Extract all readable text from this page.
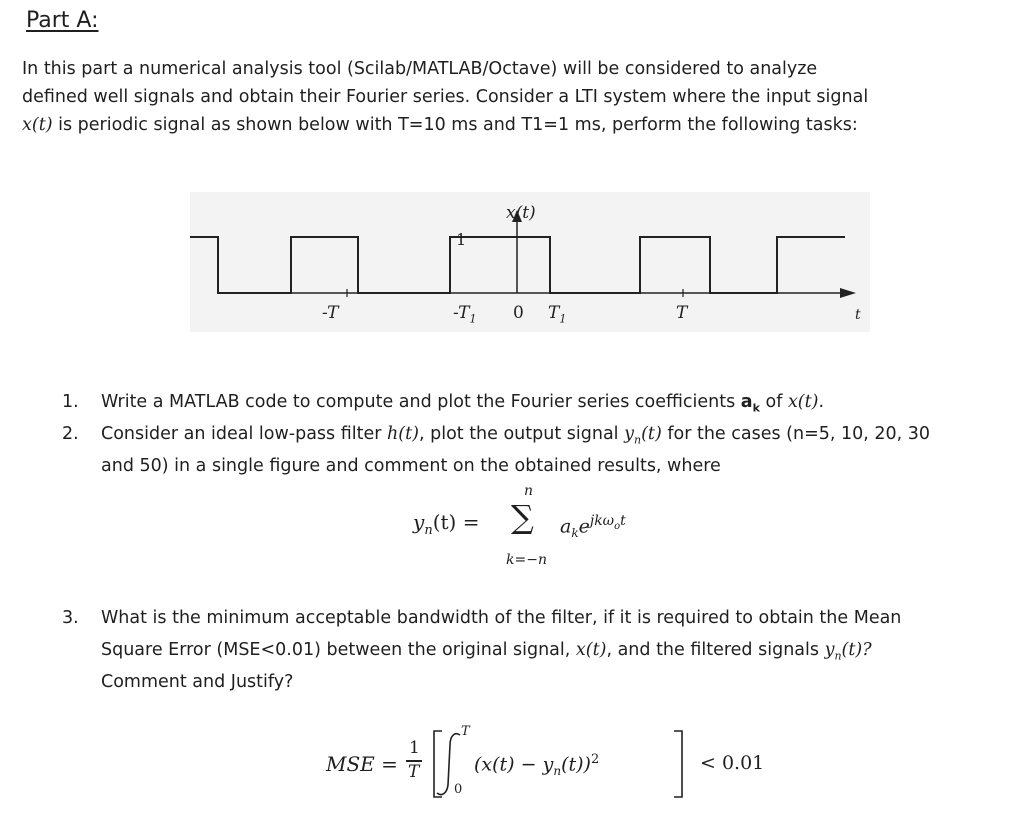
Part A:
In this part a numerical analysis tool (Scilab/MATLAB/Octave) will be considered to analyze
defined well signals and obtain their Fourier series. Consider a LTI system where the input signal
x(t) is periodic signal as shown below with T=10 ms and T1=1 ms, perform the following tasks:
x(t)
1
-T	$-T_1$ 0 $T_1$	T	t
1. Write a MATLAB code to compute and plot the Fourier series coefficients $a_k$ of x(t).
2. Consider an ideal low-pass filter h(t), plot the output signal $y_n(t)$ for the cases (n=5, 10, 20, 30
and 50) in a single figure and comment on the obtained results, where
$y_n(t)$ =
n
∑
k=−n
$a_ke^{jk\omega_ot}$
3. What is the minimum acceptable bandwidth of the filter, if it is required to obtain the Mean
Square Error (MSE<0.01) between the original signal, x(t), and the filtered signals $y_n(t)$?
Comment and Justify?
MSE =
1
T
T
0
$(x(t) - y_n(t))^2$	< 0.01
